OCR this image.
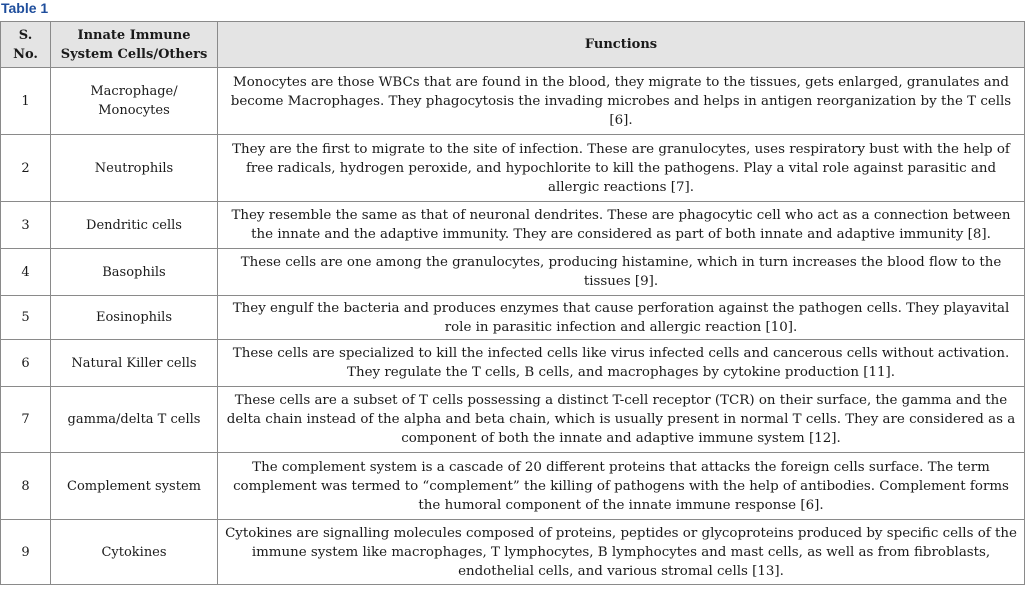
Table 1
S. No.	Innate Immune System Cells/Others	Functions
1	Macrophage/ Monocytes	Monocytes are those WBCs that are found in the blood, they migrate to the tissues, gets enlarged, granulates and become Macrophages. They phagocytosis the invading microbes and helps in antigen reorganization by the T cells [6].
2	Neutrophils	They are the first to migrate to the site of infection. These are granulocytes, uses respiratory bust with the help of free radicals, hydrogen peroxide, and hypochlorite to kill the pathogens. Play a vital role against parasitic and allergic reactions [7].
3	Dendritic cells	They resemble the same as that of neuronal dendrites. These are phagocytic cell who act as a connection between the innate and the adaptive immunity. They are considered as part of both innate and adaptive immunity [8].
4	Basophils	These cells are one among the granulocytes, producing histamine, which in turn increases the blood flow to the tissues [9].
5	Eosinophils	They engulf the bacteria and produces enzymes that cause perforation against the pathogen cells. They playavital role in parasitic infection and allergic reaction [10].
6	Natural Killer cells	These cells are specialized to kill the infected cells like virus infected cells and cancerous cells without activation. They regulate the T cells, B cells, and macrophages by cytokine production [11].
7	gamma/delta T cells	These cells are a subset of T cells possessing a distinct T-cell receptor (TCR) on their surface, the gamma and the delta chain instead of the alpha and beta chain, which is usually present in normal T cells. They are considered as a component of both the innate and adaptive immune system [12].
8	Complement system	The complement system is a cascade of 20 different proteins that attacks the foreign cells surface. The term complement was termed to “complement” the killing of pathogens with the help of antibodies. Complement forms the humoral component of the innate immune response [6].
9	Cytokines	Cytokines are signalling molecules composed of proteins, peptides or glycoproteins produced by specific cells of the immune system like macrophages, T lymphocytes, B lymphocytes and mast cells, as well as from fibroblasts, endothelial cells, and various stromal cells [13].
